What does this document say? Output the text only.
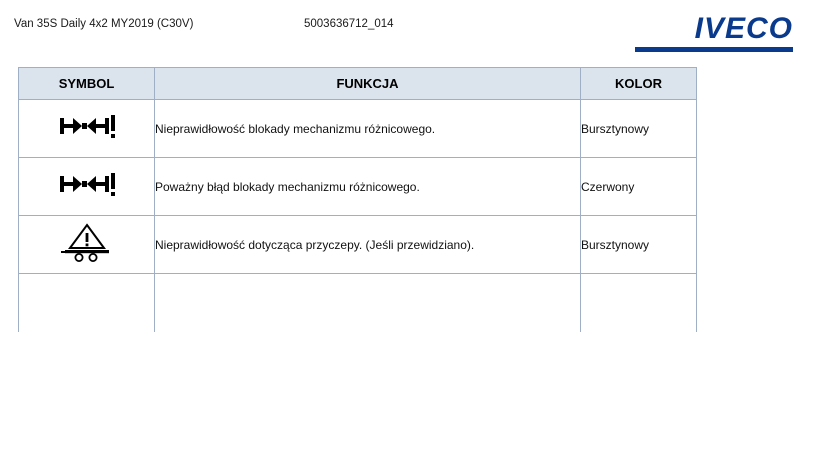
Van 35S Daily 4x2 MY2019 (C30V)	5003636712_014	IVECO
SYMBOL	FUNKCJA	KOLOR

	Nieprawidłowość blokady mechanizmu różnicowego.	Bursztynowy

	Poważny błąd blokady mechanizmu różnicowego.	Czerwony

	Nieprawidłowość dotycząca przyczepy. (Jeśli przewidziano).	Bursztynowy
